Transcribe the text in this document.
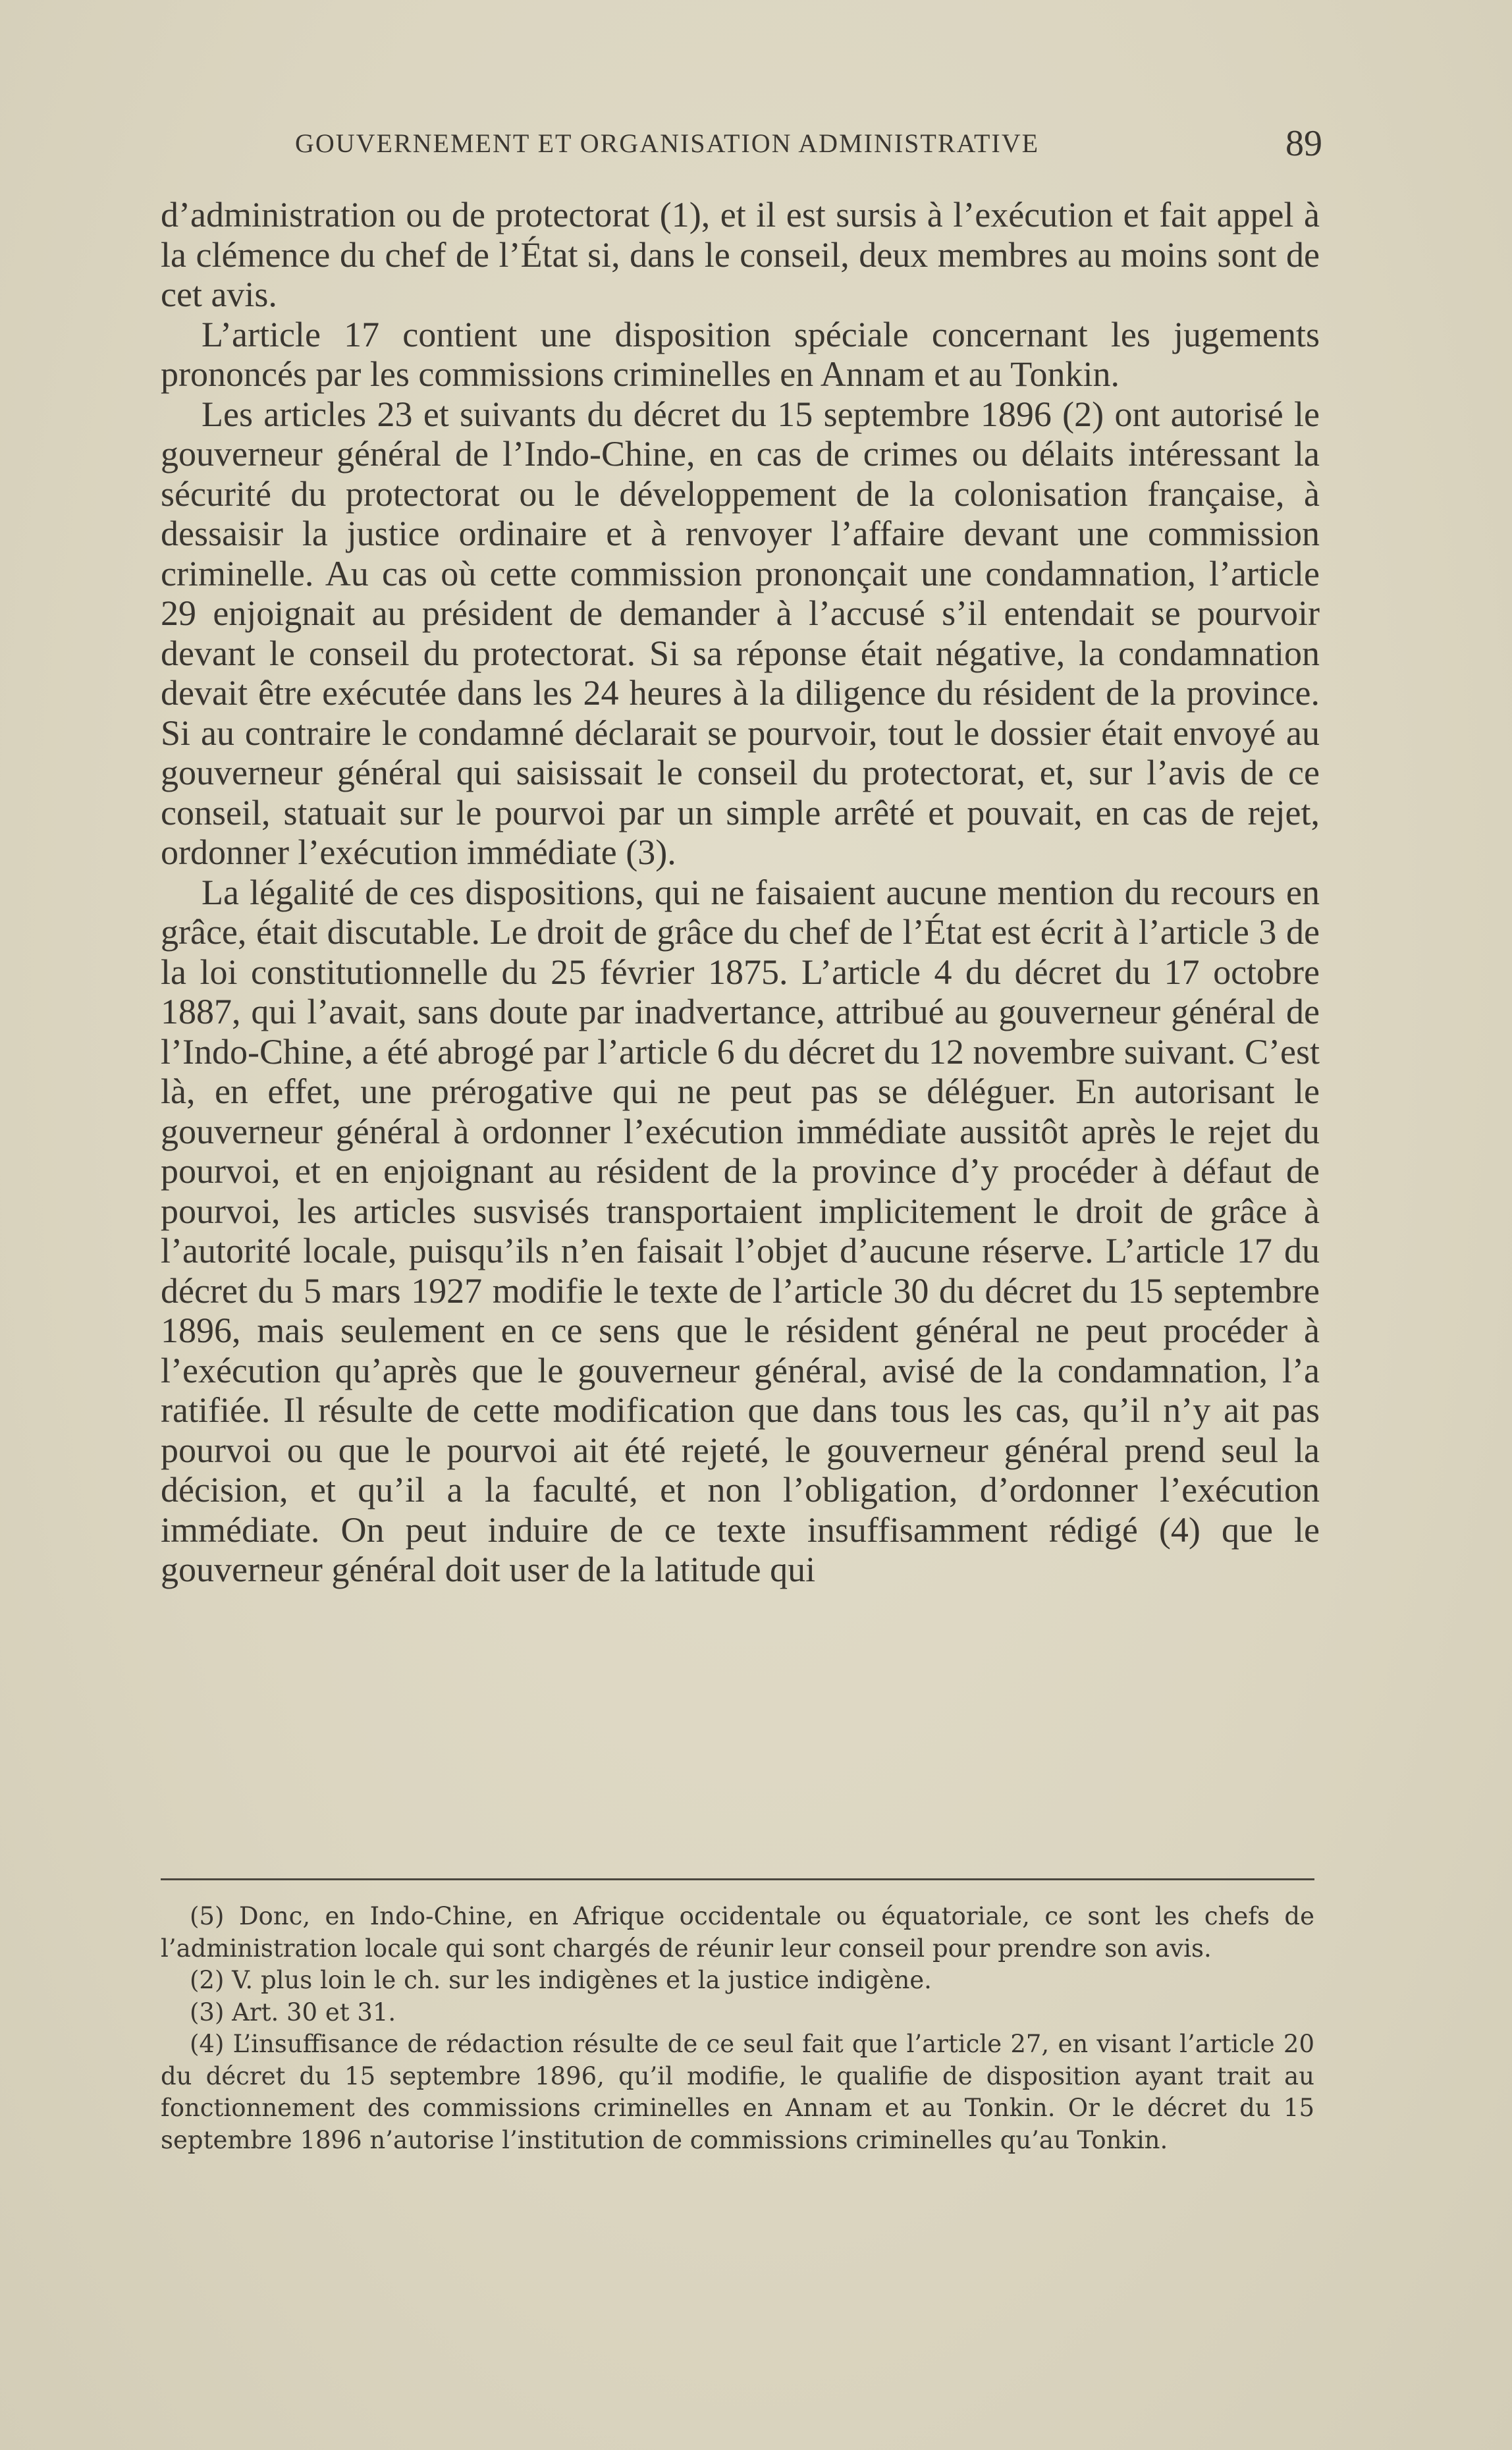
GOUVERNEMENT ET ORGANISATION ADMINISTRATIVE	89

d’administration ou de protectorat (1), et il est sursis à l’exécution et fait appel à la clémence du chef de l’État si, dans le conseil, deux membres au moins sont de cet avis.

L’article 17 contient une disposition spéciale concernant les jugements prononcés par les commissions criminelles en Annam et au Tonkin.

Les articles 23 et suivants du décret du 15 septembre 1896 (2) ont autorisé le gouverneur général de l’Indo-Chine, en cas de crimes ou délaits intéressant la sécurité du protectorat ou le développement de la colonisation française, à dessaisir la justice ordinaire et à renvoyer l’affaire devant une commission criminelle. Au cas où cette commission prononçait une condamnation, l’article 29 enjoignait au président de demander à l’accusé s’il entendait se pourvoir devant le conseil du protectorat. Si sa réponse était négative, la condamnation devait être exécutée dans les 24 heures à la diligence du résident de la province. Si au contraire le condamné déclarait se pourvoir, tout le dossier était envoyé au gouverneur général qui saisissait le conseil du protectorat, et, sur l’avis de ce conseil, statuait sur le pourvoi par un simple arrêté et pouvait, en cas de rejet, ordonner l’exécution immédiate (3).

La légalité de ces dispositions, qui ne faisaient aucune mention du recours en grâce, était discutable. Le droit de grâce du chef de l’État est écrit à l’article 3 de la loi constitutionnelle du 25 février 1875. L’article 4 du décret du 17 octobre 1887, qui l’avait, sans doute par inadvertance, attribué au gouverneur général de l’Indo-Chine, a été abrogé par l’article 6 du décret du 12 novembre suivant. C’est là, en effet, une prérogative qui ne peut pas se déléguer. En autorisant le gouverneur général à ordonner l’exécution immédiate aussitôt après le rejet du pourvoi, et en enjoignant au résident de la province d’y procéder à défaut de pourvoi, les articles susvisés transportaient implicitement le droit de grâce à l’autorité locale, puisqu’ils n’en faisait l’objet d’aucune réserve. L’article 17 du décret du 5 mars 1927 modifie le texte de l’article 30 du décret du 15 septembre 1896, mais seulement en ce sens que le résident général ne peut procéder à l’exécution qu’après que le gouverneur général, avisé de la condamnation, l’a ratifiée. Il résulte de cette modification que dans tous les cas, qu’il n’y ait pas pourvoi ou que le pourvoi ait été rejeté, le gouverneur général prend seul la décision, et qu’il a la faculté, et non l’obligation, d’ordonner l’exécution immédiate. On peut induire de ce texte insuffisamment rédigé (4) que le gouverneur général doit user de la latitude qui

(5) Donc, en Indo-Chine, en Afrique occidentale ou équatoriale, ce sont les chefs de l’administration locale qui sont chargés de réunir leur conseil pour prendre son avis.

(2) V. plus loin le ch. sur les indigènes et la justice indigène.

(3) Art. 30 et 31.

(4) L’insuffisance de rédaction résulte de ce seul fait que l’article 27, en visant l’article 20 du décret du 15 septembre 1896, qu’il modifie, le qualifie de disposition ayant trait au fonctionnement des commissions criminelles en Annam et au Tonkin. Or le décret du 15 septembre 1896 n’autorise l’institution de commissions criminelles qu’au Tonkin.
